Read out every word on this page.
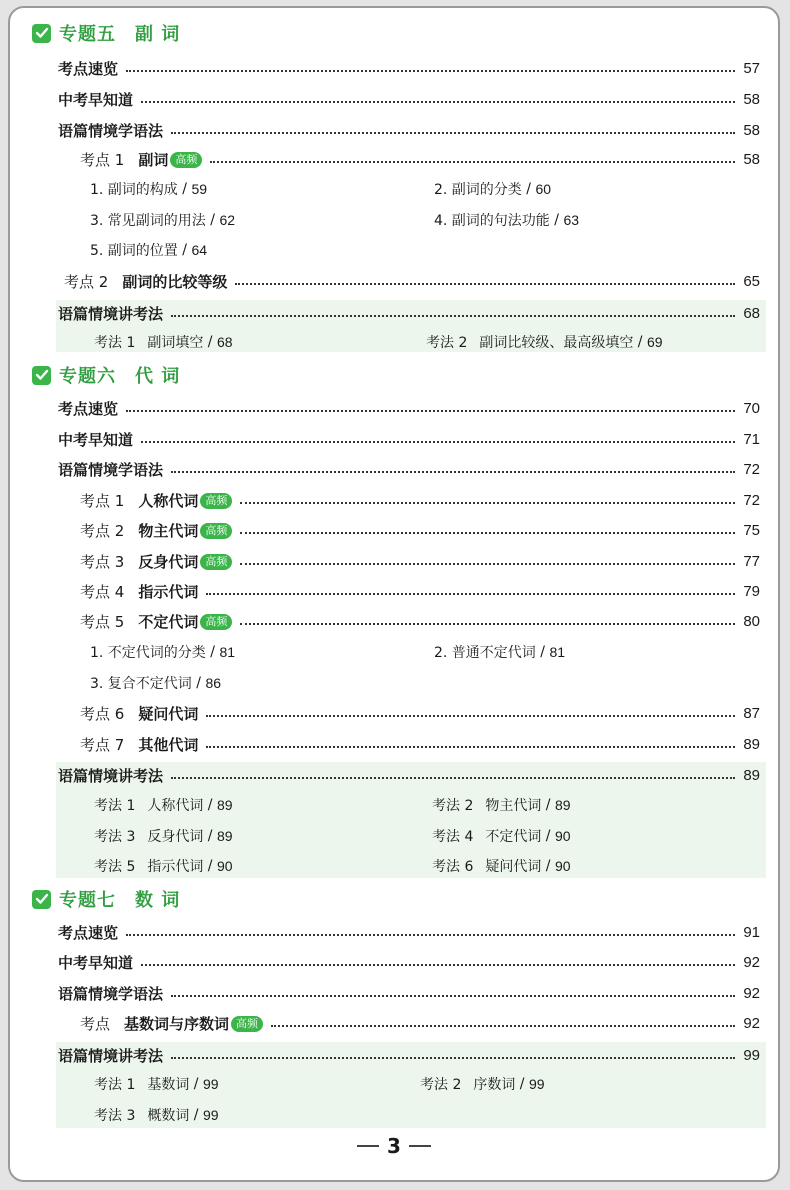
专题五　副 词
考点速览	57
中考早知道	58
语篇情境学语法	58
考点 1 副词 高频	58
1. 副词的构成 / 59	2. 副词的分类 / 60
3. 常见副词的用法 / 62	4. 副词的句法功能 / 63
5. 副词的位置 / 64
考点 2 副词的比较等级	65
语篇情境讲考法	68
考法 1 副词填空 / 68	考法 2 副词比较级、最高级填空 / 69
专题六　代 词
考点速览	70
中考早知道	71
语篇情境学语法	72
考点 1 人称代词 高频	72
考点 2 物主代词 高频	75
考点 3 反身代词 高频	77
考点 4 指示代词	79
考点 5 不定代词 高频	80
1. 不定代词的分类 / 81	2. 普通不定代词 / 81
3. 复合不定代词 / 86
考点 6 疑问代词	87
考点 7 其他代词	89
语篇情境讲考法	89
考法 1 人称代词 / 89	考法 2 物主代词 / 89
考法 3 反身代词 / 89	考法 4 不定代词 / 90
考法 5 指示代词 / 90	考法 6 疑问代词 / 90
专题七　数 词
考点速览	91
中考早知道	92
语篇情境学语法	92
考点 基数词与序数词 高频	92
语篇情境讲考法	99
考法 1 基数词 / 99	考法 2 序数词 / 99
考法 3 概数词 / 99
3
